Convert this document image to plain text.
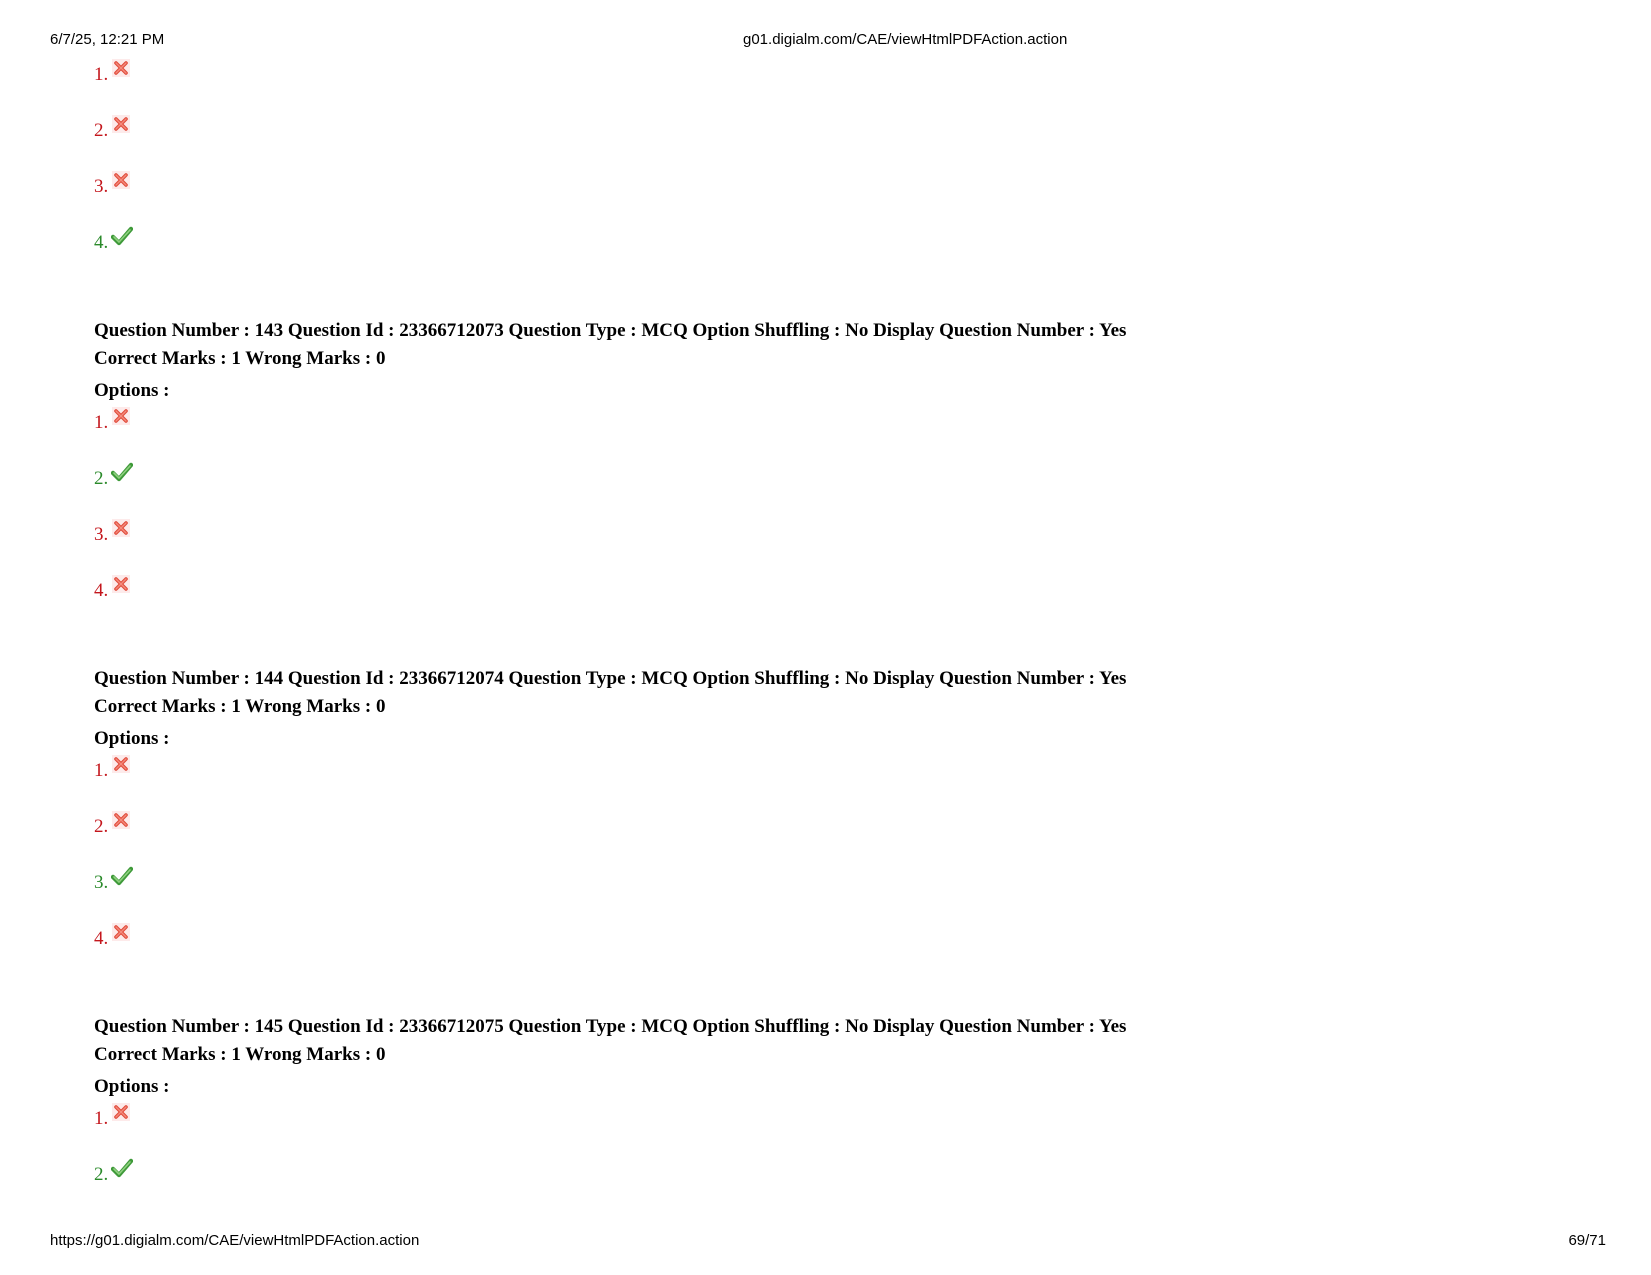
6/7/25, 12:21 PM	g01.digialm.com/CAE/viewHtmlPDFAction.action
1.
2.
3.
4.
Question Number : 143 Question Id : 23366712073 Question Type : MCQ Option Shuffling : No Display Question Number : Yes
Correct Marks : 1 Wrong Marks : 0
Options :
1.
2.
3.
4.
Question Number : 144 Question Id : 23366712074 Question Type : MCQ Option Shuffling : No Display Question Number : Yes
Correct Marks : 1 Wrong Marks : 0
Options :
1.
2.
3.
4.
Question Number : 145 Question Id : 23366712075 Question Type : MCQ Option Shuffling : No Display Question Number : Yes
Correct Marks : 1 Wrong Marks : 0
Options :
1.
2.
https://g01.digialm.com/CAE/viewHtmlPDFAction.action	69/71
